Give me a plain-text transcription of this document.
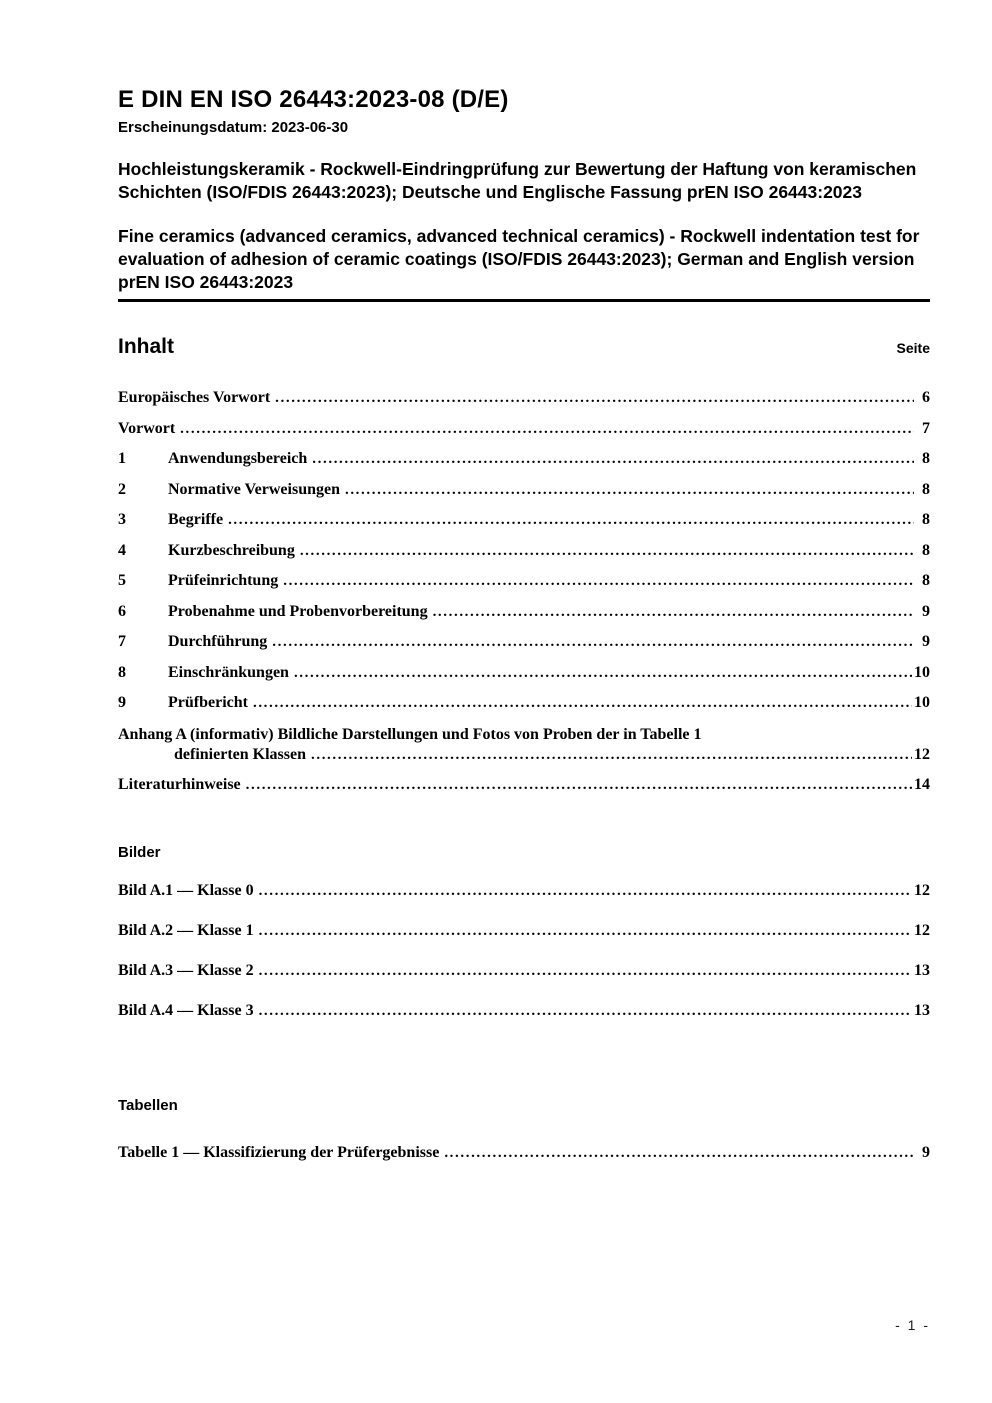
E DIN EN ISO 26443:2023-08 (D/E)
Erscheinungsdatum: 2023-06-30

Hochleistungskeramik - Rockwell-Eindringprüfung zur Bewertung der Haftung von keramischen Schichten (ISO/FDIS 26443:2023); Deutsche und Englische Fassung prEN ISO 26443:2023

Fine ceramics (advanced ceramics, advanced technical ceramics) - Rockwell indentation test for evaluation of adhesion of ceramic coatings (ISO/FDIS 26443:2023); German and English version prEN ISO 26443:2023

Inhalt	Seite
Europäisches Vorwort .....	6
Vorwort .....	7
1	Anwendungsbereich .....	8
2	Normative Verweisungen .....	8
3	Begriffe .....	8
4	Kurzbeschreibung .....	8
5	Prüfeinrichtung .....	8
6	Probenahme und Probenvorbereitung .....	9
7	Durchführung .....	9
8	Einschränkungen .....	10
9	Prüfbericht .....	10
Anhang A (informativ) Bildliche Darstellungen und Fotos von Proben der in Tabelle 1
definierten Klassen .....	12
Literaturhinweise .....	14
Bilder
Bild A.1 — Klasse 0 .....	12
Bild A.2 — Klasse 1 .....	12
Bild A.3 — Klasse 2 .....	13
Bild A.4 — Klasse 3 .....	13
Tabellen
Tabelle 1 — Klassifizierung der Prüfergebnisse .....	9
- 1 -
